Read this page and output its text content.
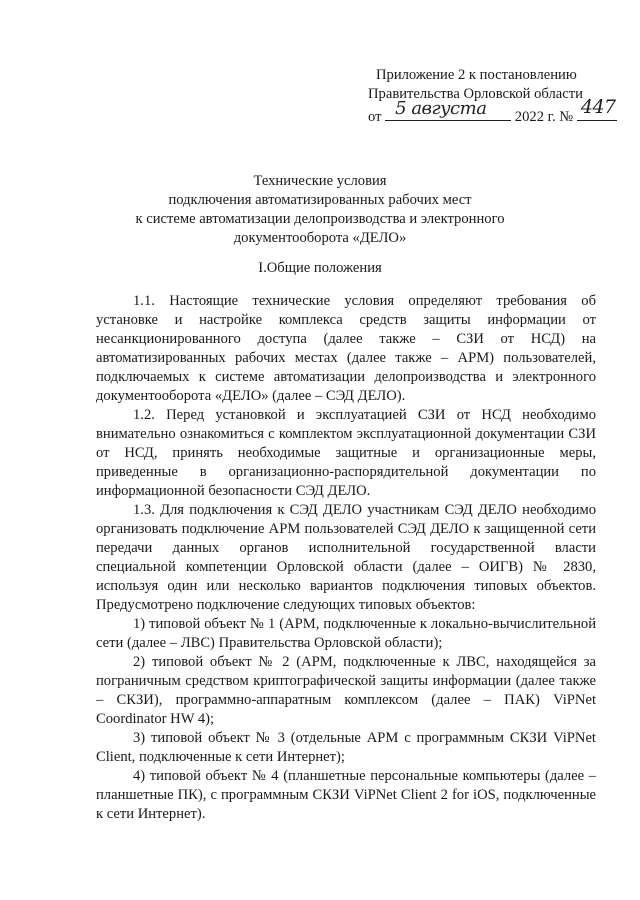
Приложение 2 к постановлению
Правительства Орловской области
от 5 августа 2022 г. № 447
Технические условия
подключения автоматизированных рабочих мест
к системе автоматизации делопроизводства и электронного
документооборота «ДЕЛО»
I.Общие положения

1.1. Настоящие технические условия определяют требования об установке и настройке комплекса средств защиты информации от несанкционированного доступа (далее также – СЗИ от НСД) на автоматизированных рабочих местах (далее также – АРМ) пользователей, подключаемых к системе автоматизации делопроизводства и электронного документооборота «ДЕЛО» (далее – СЭД ДЕЛО).

1.2. Перед установкой и эксплуатацией СЗИ от НСД необходимо внимательно ознакомиться с комплектом эксплуатационной документации СЗИ от НСД, принять необходимые защитные и организационные меры, приведенные в организационно-распорядительной документации по информационной безопасности СЭД ДЕЛО.

1.3. Для подключения к СЭД ДЕЛО участникам СЭД ДЕЛО необходимо организовать подключение АРМ пользователей СЭД ДЕЛО к защищенной сети передачи данных органов исполнительной государственной власти специальной компетенции Орловской области (далее – ОИГВ) № 2830, используя один или несколько вариантов подключения типовых объектов. Предусмотрено подключение следующих типовых объектов:

1) типовой объект № 1 (АРМ, подключенные к локально-вычислительной сети (далее – ЛВС) Правительства Орловской области);

2) типовой объект № 2 (АРМ, подключенные к ЛВС, находящейся за пограничным средством криптографической защиты информации (далее также – СКЗИ), программно-аппаратным комплексом (далее – ПАК) ViPNet Coordinator HW 4);

3) типовой объект № 3 (отдельные АРМ с программным СКЗИ ViPNet Client, подключенные к сети Интернет);

4) типовой объект № 4 (планшетные персональные компьютеры (далее – планшетные ПК), с программным СКЗИ ViPNet Client 2 for iOS, подключенные к сети Интернет).
